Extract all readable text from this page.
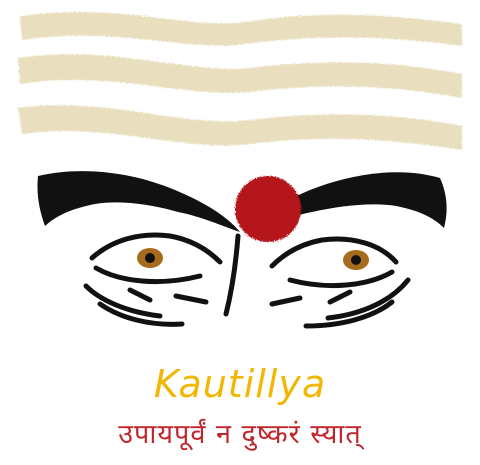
Kautillya
उपायपूर्वं न दुष्करं स्यात्
